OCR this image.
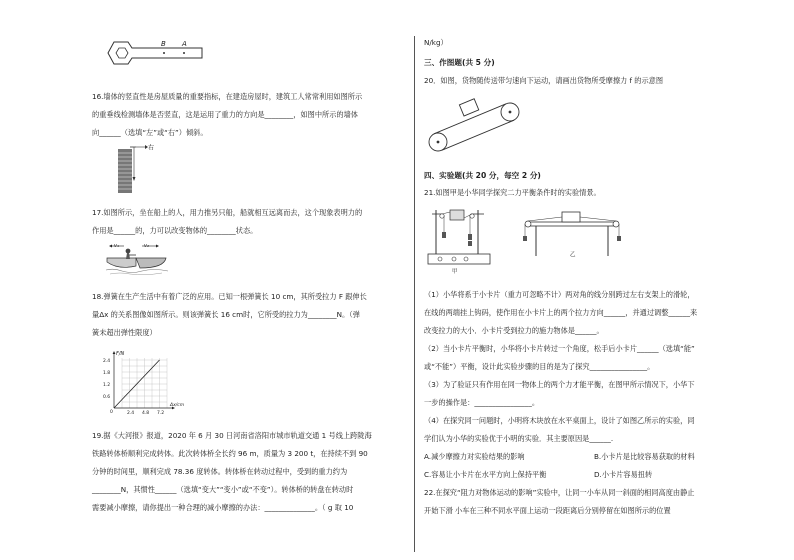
B A
16.墙体的竖直性是房屋质量的重要指标，在建造房屋时，建筑工人常常利用如图所示
的重垂线检测墙体是否竖直，这是运用了重力的方向是________，如图中所示的墙体
向______（选填“左”或“右”）倾斜。
右
17.如图所示，坐在船上的人，用力推另只船，船就相互远离而去，这个现象表明力的
作用是______的，力可以改变物体的________状态。
v₁	v₂
18.弹簧在生产生活中有着广泛的应用。已知一根弹簧长 10 cm，其所受拉力 F 跟伸长
量Δx 的关系图像如图所示。则该弹簧长 16 cm时，它所受的拉力为________N。（弹
簧未超出弹性限度）
F/N
Δx/cm
2.4
1.8
1.2
0.6
0	2.4 4.8 7.2
19.据《大河报》报道，2020 年 6 月 30 日河南省洛阳市城市轨道交通 1 号线上跨陇海
铁路转体桥顺利完成转体。此次转体桥全长约 96 m，质量为 3 200 t，在持续不到 90
分钟的时间里，顺利完成 78.36 度转体。转体桥在转动过程中，受到的重力约为
________N，其惯性______（选填“变大”“变小”或“不变”）。转体桥的转盘在转动时
需要减小摩擦，请你提出一种合理的减小摩擦的办法：______________。（ g 取 10
N/kg）
三、作图题(共 5 分)
20．如图，货物随传送带匀速向下运动，请画出货物所受摩擦力 f 的示意图
四、实验题(共 20 分，每空 2 分)
21.如图甲是小华同学探究二力平衡条件时的实验情景。
甲
乙
（1）小华将系于小卡片（重力可忽略不计）两对角的线分别跨过左右支架上的滑轮，
在线的两端挂上钩码，使作用在小卡片上的两个拉力方向______，并通过调整______来
改变拉力的大小．小卡片受到拉力的施力物体是______。
（2）当小卡片平衡时，小华将小卡片转过一个角度，松手后小卡片______（选填“能”
或“不能”）平衡，设计此实验步骤的目的是为了探究________________。
（3）为了验证只有作用在同一物体上的两个力才能平衡，在图甲所示情况下，小华下
一步的操作是：________________。
（4）在探究同一问题时，小明将木块放在水平桌面上，设计了如图乙所示的实验，同
学们认为小华的实验优于小明的实验．其主要原因是______.
A.减少摩擦力对实验结果的影响	B.小卡片是比较容易获取的材料
C.容易让小卡片在水平方向上保持平衡	D.小卡片容易扭转
22.在探究“阻力对物体运动的影响”实验中，让同一小车从同一斜面的相同高度由静止
开始下滑 小车在三种不同水平面上运动一段距离后分别停留在如图所示的位置
